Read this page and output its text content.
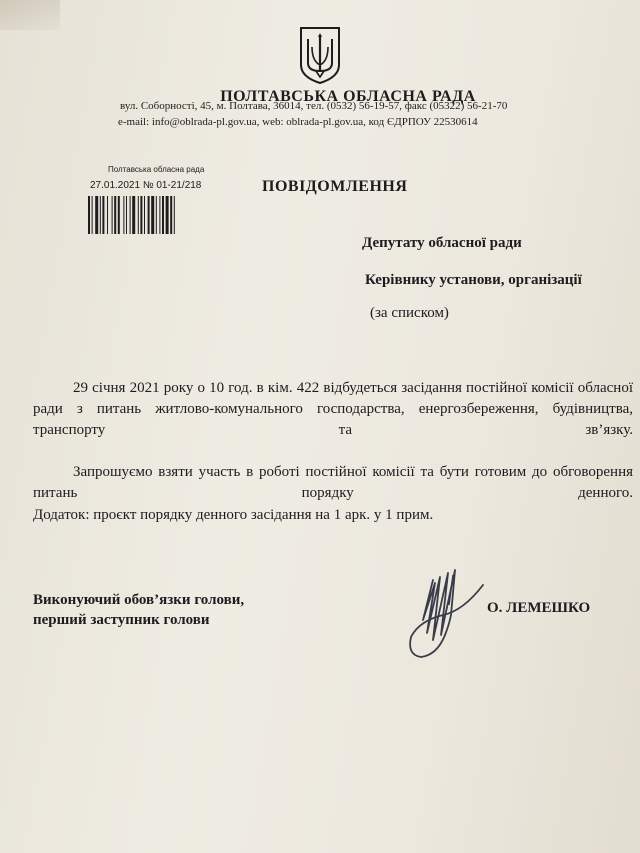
ПОЛТАВСЬКА ОБЛАСНА РАДА
вул. Соборності, 45, м. Полтава, 36014, тел. (0532) 56-19-57, факс (05322) 56-21-70
e-mail: info@oblrada-pl.gov.ua, web: oblrada-pl.gov.ua, код ЄДРПОУ 22530614
Полтавська обласна рада
27.01.2021 № 01-21/218	ПОВІДОМЛЕННЯ
Депутату обласної ради
Керівнику установи, організації
(за списком)

29 січня 2021 року о 10 год. в кім. 422 відбудеться засідання постійної комісії обласної ради з питань житлово-комунального господарства, енергозбереження, будівництва, транспорту та зв’язку.

Запрошуємо взяти участь в роботі постійної комісії та бути готовим до обговорення питань порядку денного.

Додаток: проєкт порядку денного засідання на 1 арк. у 1 прим.
Виконуючий обов’язки голови,
перший заступник голови
О. ЛЕМЕШКО
